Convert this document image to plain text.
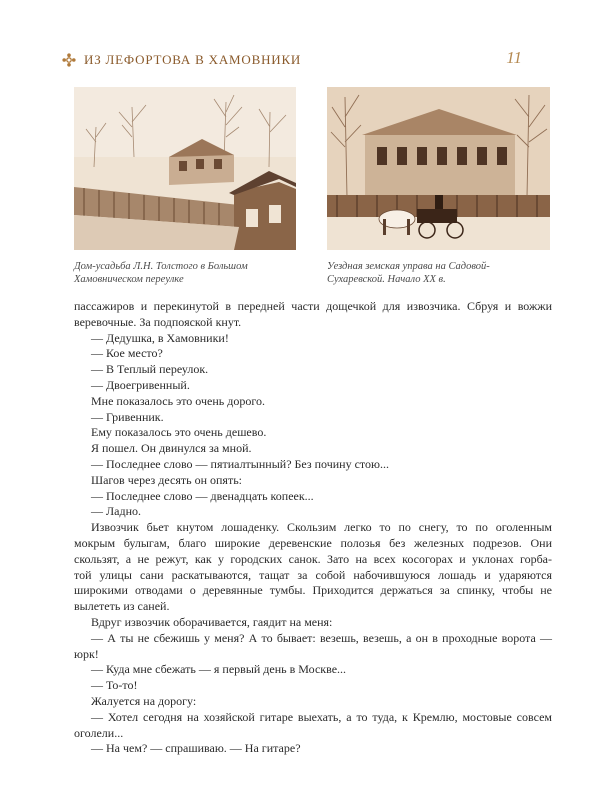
ИЗ ЛЕФОРТОВА В ХАМОВНИКИ	11
Дом-усадьба Л.Н. Толстого в Большом
Хамовническом переулке
Уездная земская управа на Садовой-
Сухаревской. Начало XX в.
пассажиров и перекинутой в передней части дощечкой для извозчика. Сбруя и вожжи
веревочные. За подпояской кнут.
— Дедушка, в Хамовники!
— Кое место?
— В Теплый переулок.
— Двоегривенный.
Мне показалось это очень дорого.
— Гривенник.
Ему показалось это очень дешево.
Я пошел. Он двинулся за мной.
— Последнее слово — пятиалтынный? Без почину стою...
Шагов через десять он опять:
— Последнее слово — двенадцать копеек...
— Ладно.
Извозчик бьет кнутом лошаденку. Скользим легко то по снегу, то по оголенным
мокрым булыгам, благо широкие деревенские полозья без железных подрезов. Они
скользят, а не режут, как у городских санок. Зато на всех косогорах и уклонах горба-
той улицы сани раскатываются, тащат за собой набочившуюся лошадь и ударяются
широкими отводами о деревянные тумбы. Приходится держаться за спинку, чтобы не
вылететь из саней.
Вдруг извозчик оборачивается, гаядит на меня:
— А ты не сбежишь у меня? А то бывает: везешь, везешь, а он в проходные ворота —
юрк!
— Куда мне сбежать — я первый день в Москве...
— То-то!
Жалуется на дорогу:
— Хотел сегодня на хозяйской гитаре выехать, а то туда, к Кремлю, мостовые совсем
оголели...
— На чем? — спрашиваю. — На гитаре?
